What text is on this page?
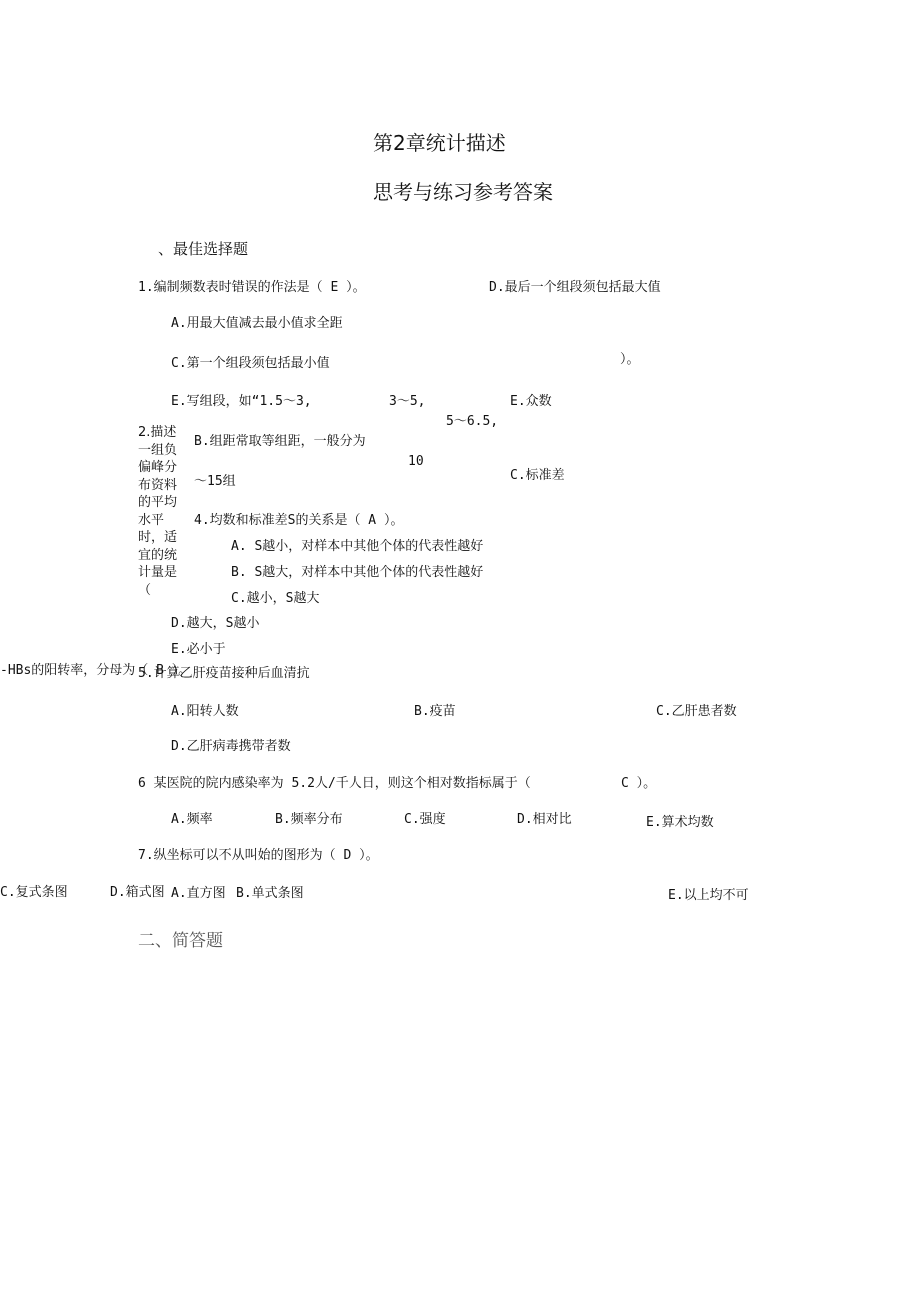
第2章统计描述
思考与练习参考答案
、最佳选择题
1.编制频数表时错误的作法是（ E ）。	D.最后一个组段须包括最大值
A.用最大值减去最小值求全距
C.第一个组段须包括最小值	）。
E.写组段，如“1.5～3,	3～5,
5～6.5,
E.众数
2.描述一组负偏峰分布资料的平均水平时，适宜的统计量是（
B.组距常取等组距，一般分为
10
～15组	C.标准差
4.均数和标准差S的关系是（ A ）。
A. S越小，对样本中其他个体的代表性越好
B. S越大，对样本中其他个体的代表性越好
C.越小，S越大
D.越大，S越小
E.必小于
5.计算乙肝疫苗接种后血清抗
-HBs的阳转率，分母为（ B ）。
A.阳转人数	B.疫苗	C.乙肝患者数
D.乙肝病毒携带者数
6 某医院的院内感染率为 5.2人/千人日，则这个相对数指标属于（	C ）。
A.频率	B.频率分布	C.强度	D.相对比	E.算术均数
7.纵坐标可以不从叫始的图形为（ D ）。
C.复式条图	D.箱式图 A.直方图 B.单式条图	E.以上均不可
二、简答题
